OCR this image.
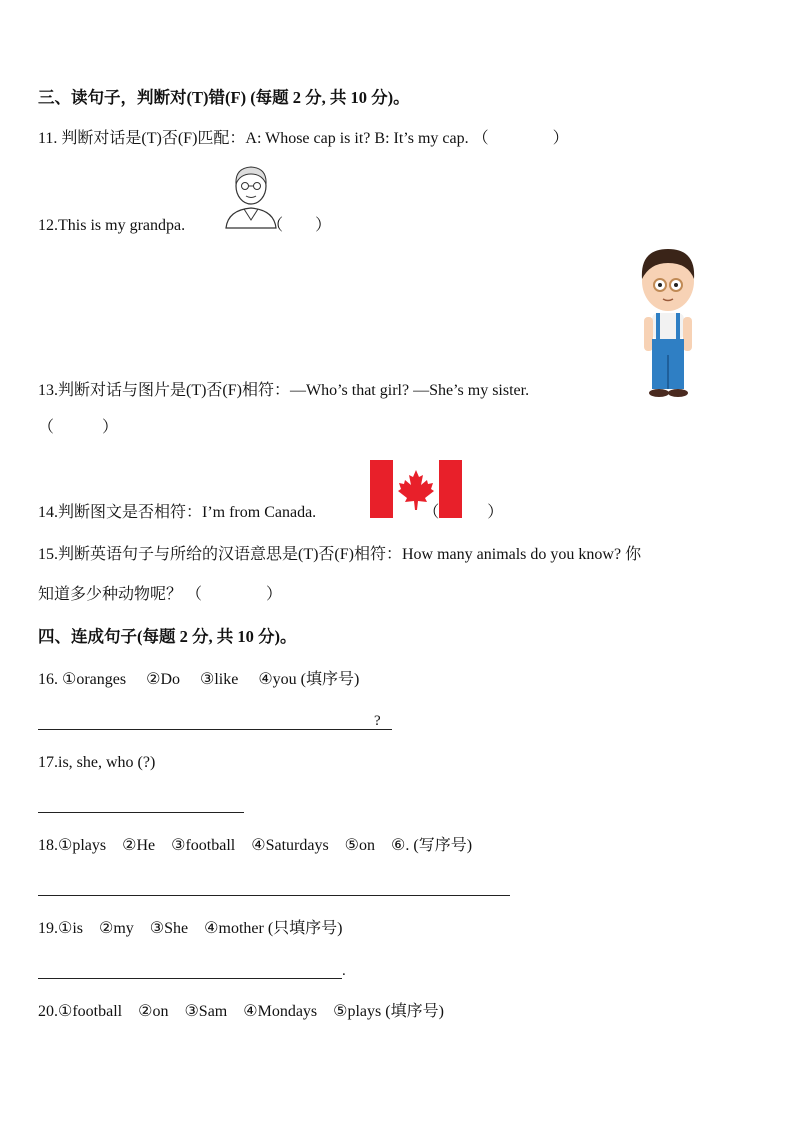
三、读句子，判断对(T)错(F) (每题 2 分, 共 10 分)。
11. 判断对话是(T)否(F)匹配：A: Whose cap is it? B: It’s my cap. （　　　　）
12.This is my grandpa.	（　　）
13.判断对话与图片是(T)否(F)相符：—Who’s that girl? —She’s my sister.
（　　　）
14.判断图文是否相符：I’m from Canada.	（　　　）
15.判断英语句子与所给的汉语意思是(T)否(F)相符：How many animals do you know? 你
知道多少种动物呢？ （　　　　）
四、连成句子(每题 2 分, 共 10 分)。
16. ①oranges　 ②Do　 ③like　 ④you (填序号)
?
17.is, she, who (?)
18.①plays　②He　③football　④Saturdays　⑤on　⑥. (写序号)
19.①is　②my　③She　④mother (只填序号)
.
20.①football　②on　③Sam　④Mondays　⑤plays (填序号)
